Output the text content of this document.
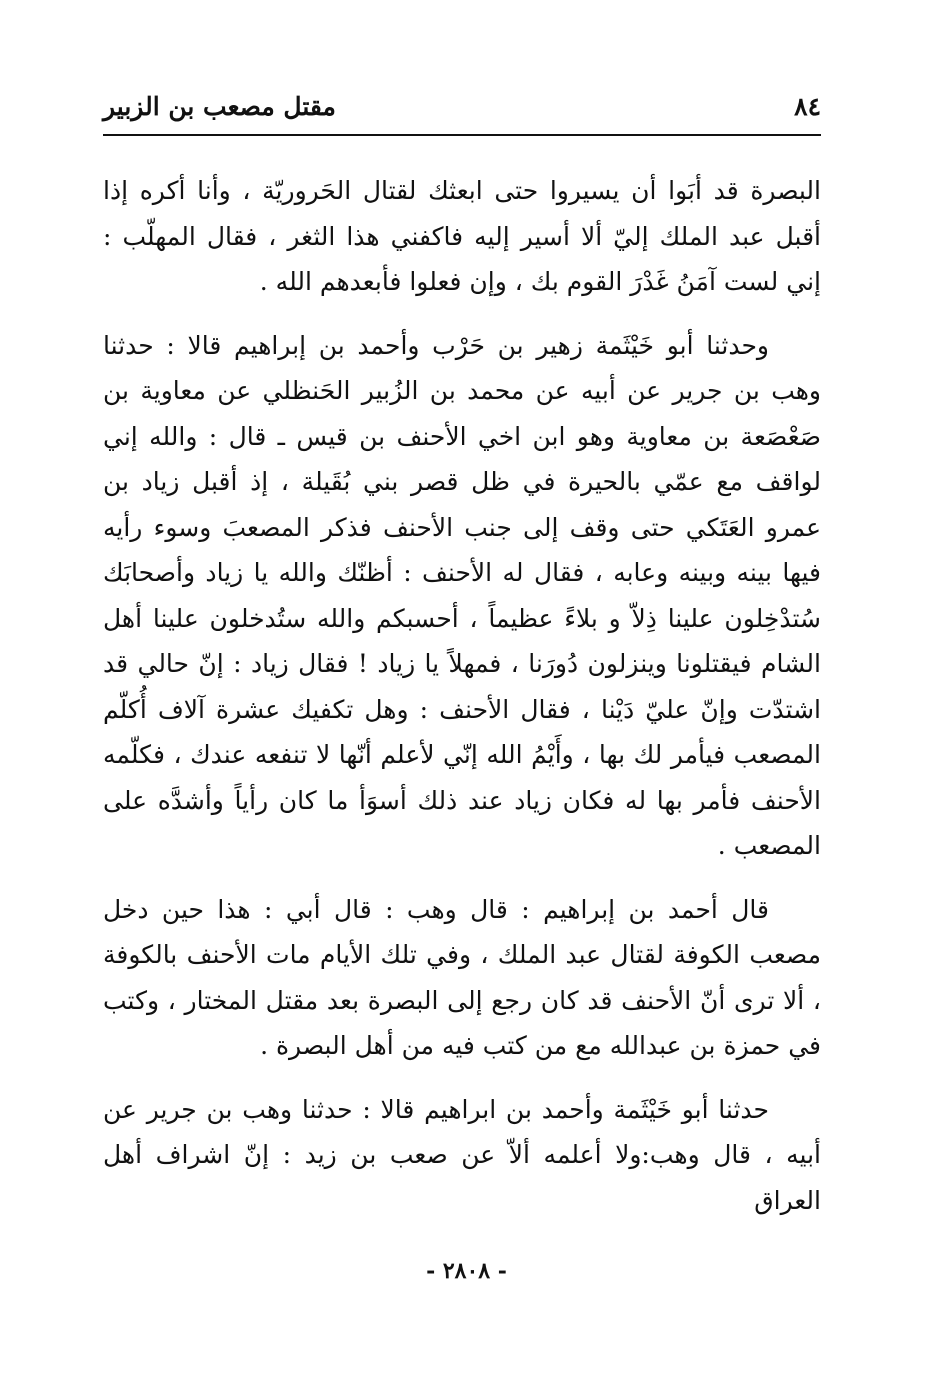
٨٤
مقتل مصعب بن الزبير

البصرة قد أبَوا أن يسيروا حتى ابعثك لقتال الحَروريّة ، وأنا أكره إذا أقبل عبد الملك إليّ ألا أسير إليه فاكفني هذا الثغر ، فقال المهلّب : إني لست آمَنُ غَدْرَ القوم بك ، وإن فعلوا فأبعدهم الله .

وحدثنا أبو خَيْثَمة زهير بن حَرْب وأحمد بن إبراهيم قالا : حدثنا وهب بن جرير عن أبيه عن محمد بن الزُبير الحَنظلي عن معاوية بن صَعْصَعة بن معاوية وهو ابن اخي الأحنف بن قيس ـ قال : والله إني لواقف مع عمّي بالحيرة في ظل قصر بني بُقَيلة ، إذ أقبل زياد بن عمرو العَتَكي حتى وقف إلى جنب الأحنف فذكر المصعبَ وسوء رأيه فيها بينه وبينه وعابه ، فقال له الأحنف : أظنّك والله يا زياد وأصحابَك سُتدْخِلون علينا ذِلاّ و بلاءً عظيماً ، أحسبكم والله ستُدخلون علينا أهل الشام فيقتلونا وينزلون دُورَنا ، فمهلاً يا زياد ! فقال زياد : إنّ حالي قد اشتدّت وإنّ عليّ دَيْنا ، فقال الأحنف : وهل تكفيك عشرة آلاف أُكلّم المصعب فيأمر لك بها ، وأَيْمُ الله إنّي لأعلم أنّها لا تنفعه عندك ، فكلّمه الأحنف فأمر بها له فكان زياد عند ذلك أسوَأ ما كان رأياً وأشدَّه على المصعب .

قال أحمد بن إبراهيم : قال وهب : قال أبي : هذا حين دخل مصعب الكوفة لقتال عبد الملك ، وفي تلك الأيام مات الأحنف بالكوفة ، ألا ترى أنّ الأحنف قد كان رجع إلى البصرة بعد مقتل المختار ، وكتب في حمزة بن عبدالله مع من كتب فيه من أهل البصرة .

حدثنا أبو خَيْثَمة وأحمد بن ابراهيم قالا : حدثنا وهب بن جرير عن أبيه ، قال وهب:ولا أعلمه ألاّ عن صعب بن زيد : إنّ اشراف أهل العراق

- ٢٨٠٨ -
